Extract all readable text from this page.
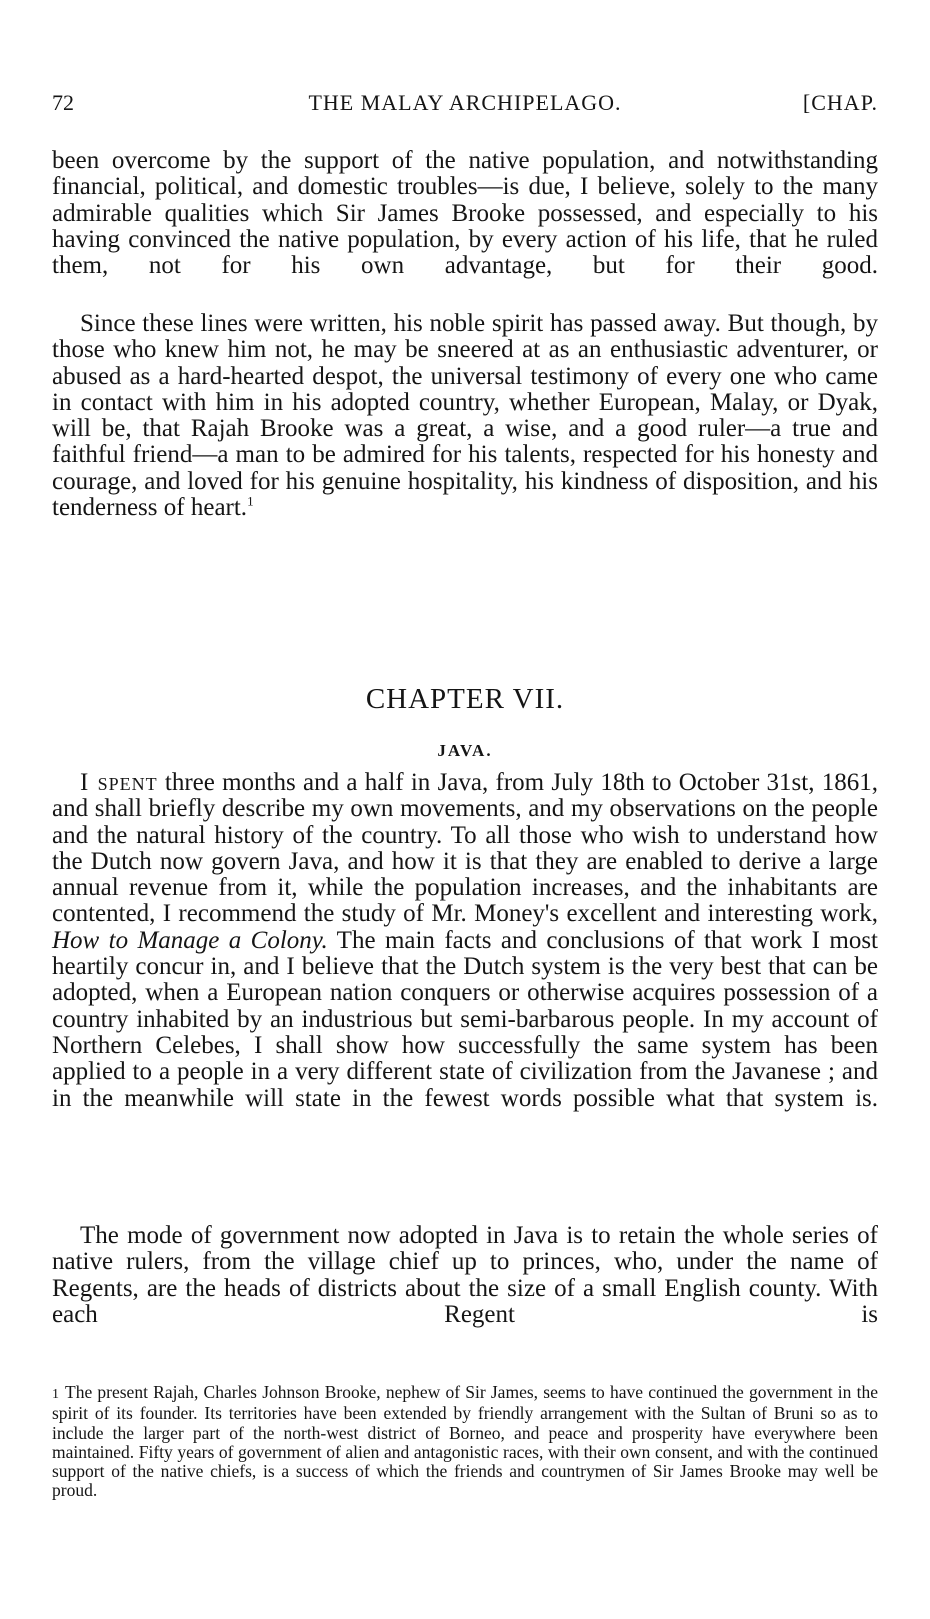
72	THE MALAY ARCHIPELAGO.	[CHAP.

been overcome by the support of the native population, and notwithstanding financial, political, and domestic troubles—is due, I believe, solely to the many admirable qualities which Sir James Brooke possessed, and especially to his having convinced the native population, by every action of his life, that he ruled them, not for his own advantage, but for their good.

Since these lines were written, his noble spirit has passed away. But though, by those who knew him not, he may be sneered at as an enthusiastic adventurer, or abused as a hard-hearted despot, the universal testimony of every one who came in contact with him in his adopted country, whether European, Malay, or Dyak, will be, that Rajah Brooke was a great, a wise, and a good ruler—a true and faithful friend—a man to be admired for his talents, respected for his honesty and courage, and loved for his genuine hospitality, his kindness of disposition, and his tenderness of heart.$^1$

CHAPTER VII.
JAVA.

I spent three months and a half in Java, from July 18th to October 31st, 1861, and shall briefly describe my own movements, and my observations on the people and the natural history of the country. To all those who wish to understand how the Dutch now govern Java, and how it is that they are enabled to derive a large annual revenue from it, while the population increases, and the inhabitants are contented, I recommend the study of Mr. Money's excellent and interesting work, How to Manage a Colony. The main facts and conclusions of that work I most heartily concur in, and I believe that the Dutch system is the very best that can be adopted, when a European nation conquers or otherwise acquires possession of a country inhabited by an industrious but semi-barbarous people. In my account of Northern Celebes, I shall show how successfully the same system has been applied to a people in a very different state of civilization from the Javanese ; and in the meanwhile will state in the fewest words possible what that system is.

The mode of government now adopted in Java is to retain the whole series of native rulers, from the village chief up to princes, who, under the name of Regents, are the heads of districts about the size of a small English county. With each Regent is

1 The present Rajah, Charles Johnson Brooke, nephew of Sir James, seems to have continued the government in the spirit of its founder. Its territories have been extended by friendly arrangement with the Sultan of Bruni so as to include the larger part of the north-west district of Borneo, and peace and prosperity have everywhere been maintained. Fifty years of government of alien and antagonistic races, with their own consent, and with the continued support of the native chiefs, is a success of which the friends and countrymen of Sir James Brooke may well be proud.
